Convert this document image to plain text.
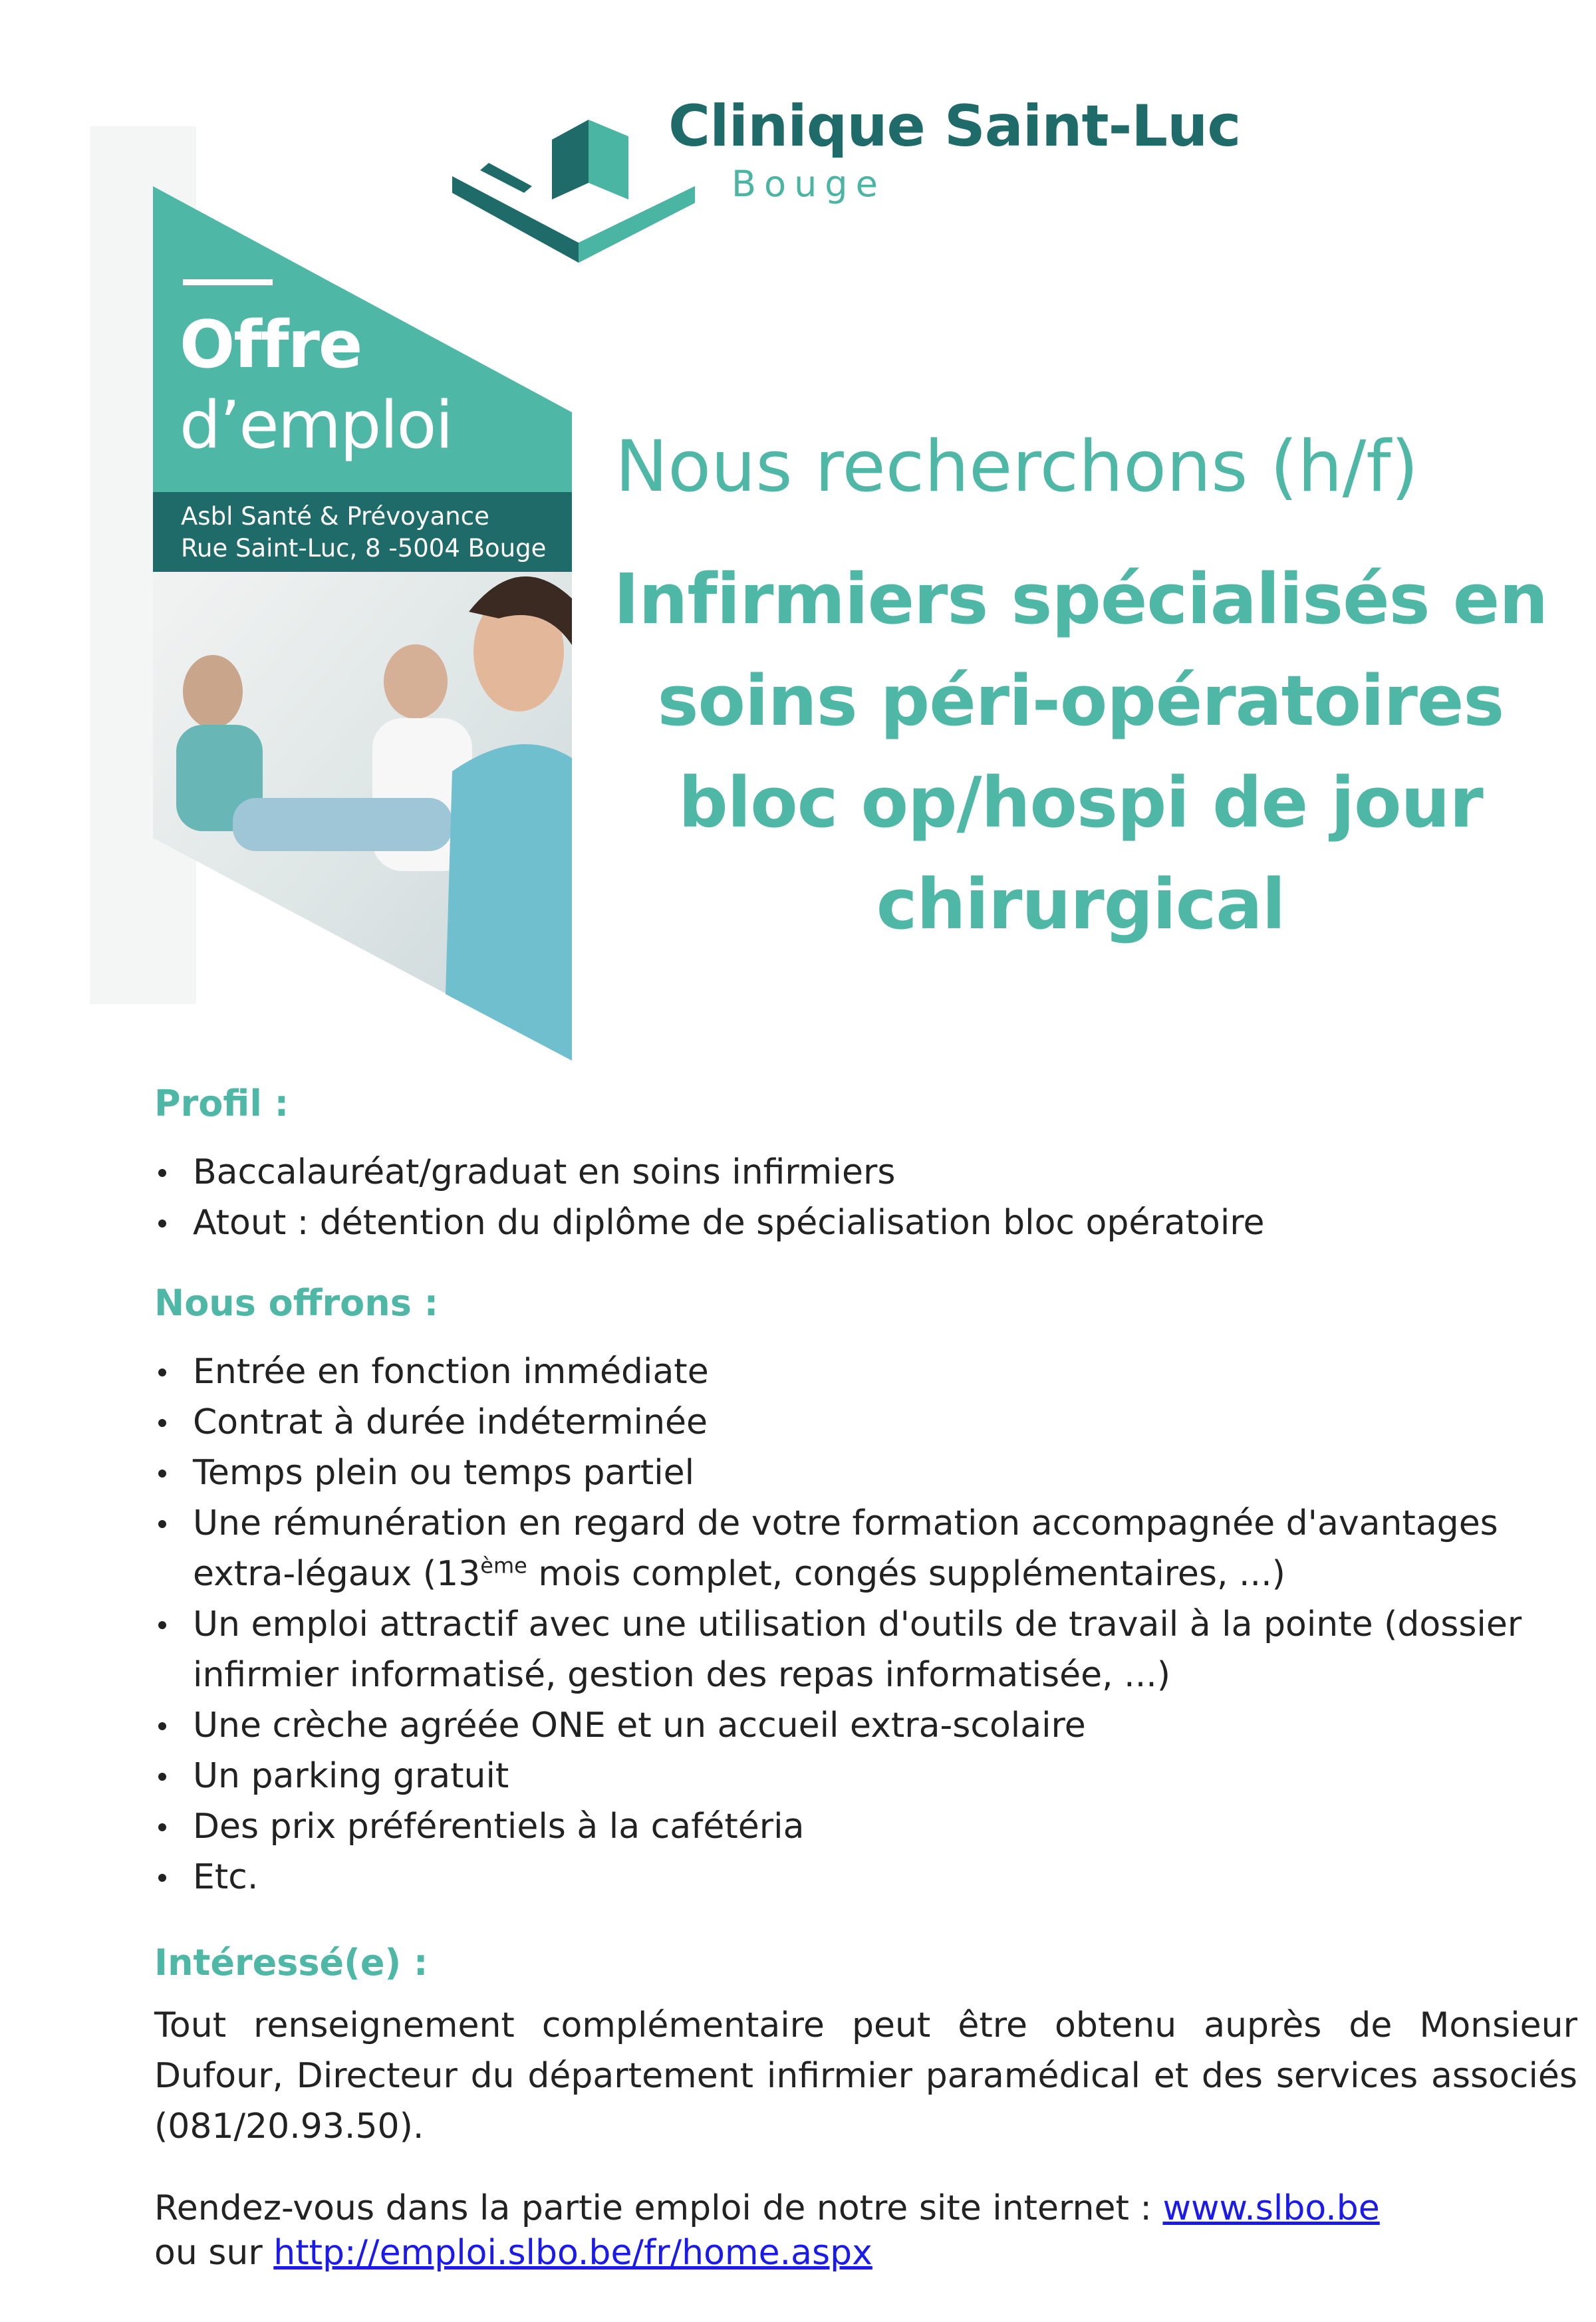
Clinique Saint-Luc
Bouge
Offre
d’emploi
Asbl Santé & Prévoyance
Rue Saint-Luc, 8 -5004 Bouge
Nous recherchons (h/f)
Infirmiers spécialisés en soins péri-opératoires bloc op/hospi de jour chirurgical
Profil :
Baccalauréat/graduat en soins infirmiers
Atout : détention du diplôme de spécialisation bloc opératoire
Nous offrons :
Entrée en fonction immédiate
Contrat à durée indéterminée
Temps plein ou temps partiel
Une rémunération en regard de votre formation accompagnée d'avantages extra-légaux (13ème mois complet, congés supplémentaires, ...)
Un emploi attractif avec une utilisation d'outils de travail à la pointe (dossier infirmier informatisé, gestion des repas informatisée, ...)
Une crèche agréée ONE et un accueil extra-scolaire
Un parking gratuit
Des prix préférentiels à la cafétéria
Etc.
Intéressé(e) :
Tout renseignement complémentaire peut être obtenu auprès de Monsieur Dufour, Directeur du département infirmier paramédical et des services associés (081/20.93.50).
Rendez-vous dans la partie emploi de notre site internet : www.slbo.be
ou sur http://emploi.slbo.be/fr/home.aspx
